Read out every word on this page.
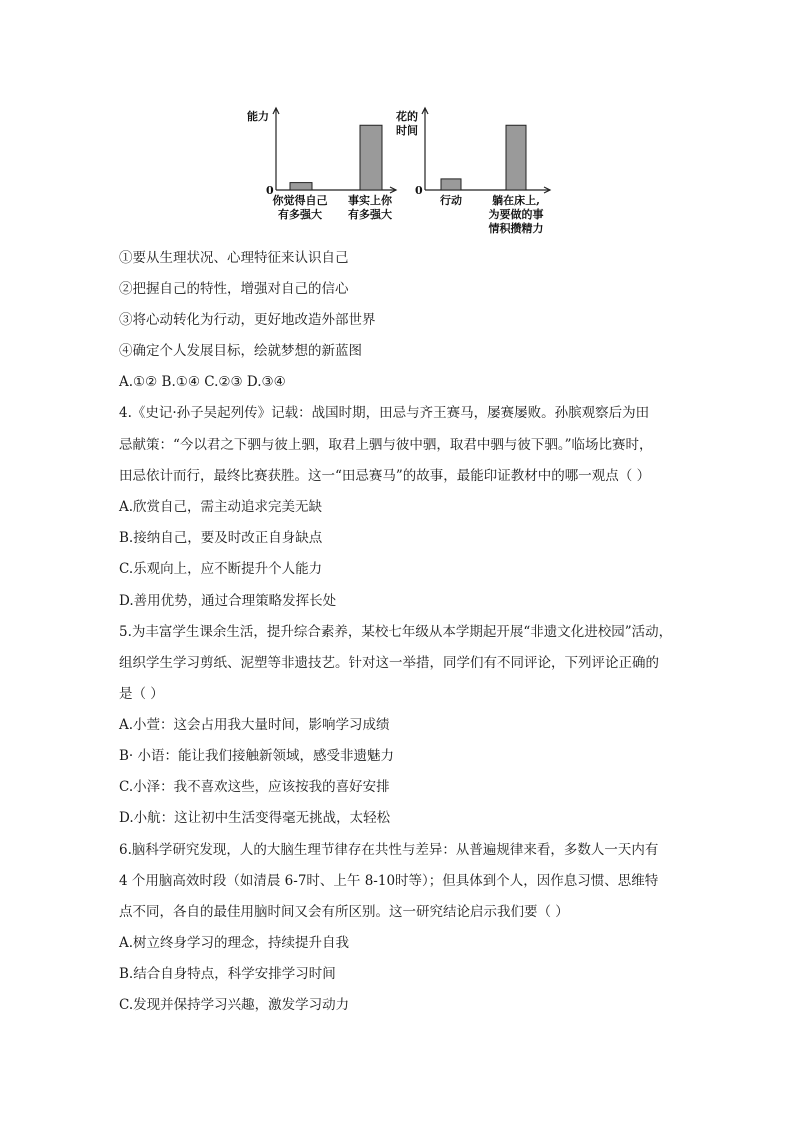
能力
0
你觉得自己
有多强大
事实上你
有多强大
花的
时间
0
行动	躺在床上,
为要做的事
情积攒精力
①要从生理状况、心理特征来认识自己
②把握自己的特性，增强对自己的信心
③将心动转化为行动，更好地改造外部世界
④确定个人发展目标，绘就梦想的新蓝图
A.①② B.①④ C.②③ D.③④
4.《史记·孙子吴起列传》记载：战国时期，田忌与齐王赛马，屡赛屡败。孙膑观察后为田
忌献策：“今以君之下驷与彼上驷，取君上驷与彼中驷，取君中驷与彼下驷。”临场比赛时，
田忌依计而行，最终比赛获胜。这一“田忌赛马”的故事，最能印证教材中的哪一观点（ ）
A.欣赏自己，需主动追求完美无缺
B.接纳自己，要及时改正自身缺点
C.乐观向上，应不断提升个人能力
D.善用优势，通过合理策略发挥长处
5.为丰富学生课余生活，提升综合素养，某校七年级从本学期起开展“非遗文化进校园”活动，
组织学生学习剪纸、泥塑等非遗技艺。针对这一举措，同学们有不同评论，下列评论正确的
是（ ）
A.小萱：这会占用我大量时间，影响学习成绩
B· 小语：能让我们接触新领域，感受非遗魅力
C.小泽：我不喜欢这些，应该按我的喜好安排
D.小航：这让初中生活变得毫无挑战，太轻松
6.脑科学研究发现，人的大脑生理节律存在共性与差异：从普遍规律来看，多数人一天内有
4 个用脑高效时段（如清晨 6-7时、上午 8-10时等）；但具体到个人，因作息习惯、思维特
点不同，各自的最佳用脑时间又会有所区别。这一研究结论启示我们要（ ）
A.树立终身学习的理念，持续提升自我
B.结合自身特点，科学安排学习时间
C.发现并保持学习兴趣，激发学习动力
